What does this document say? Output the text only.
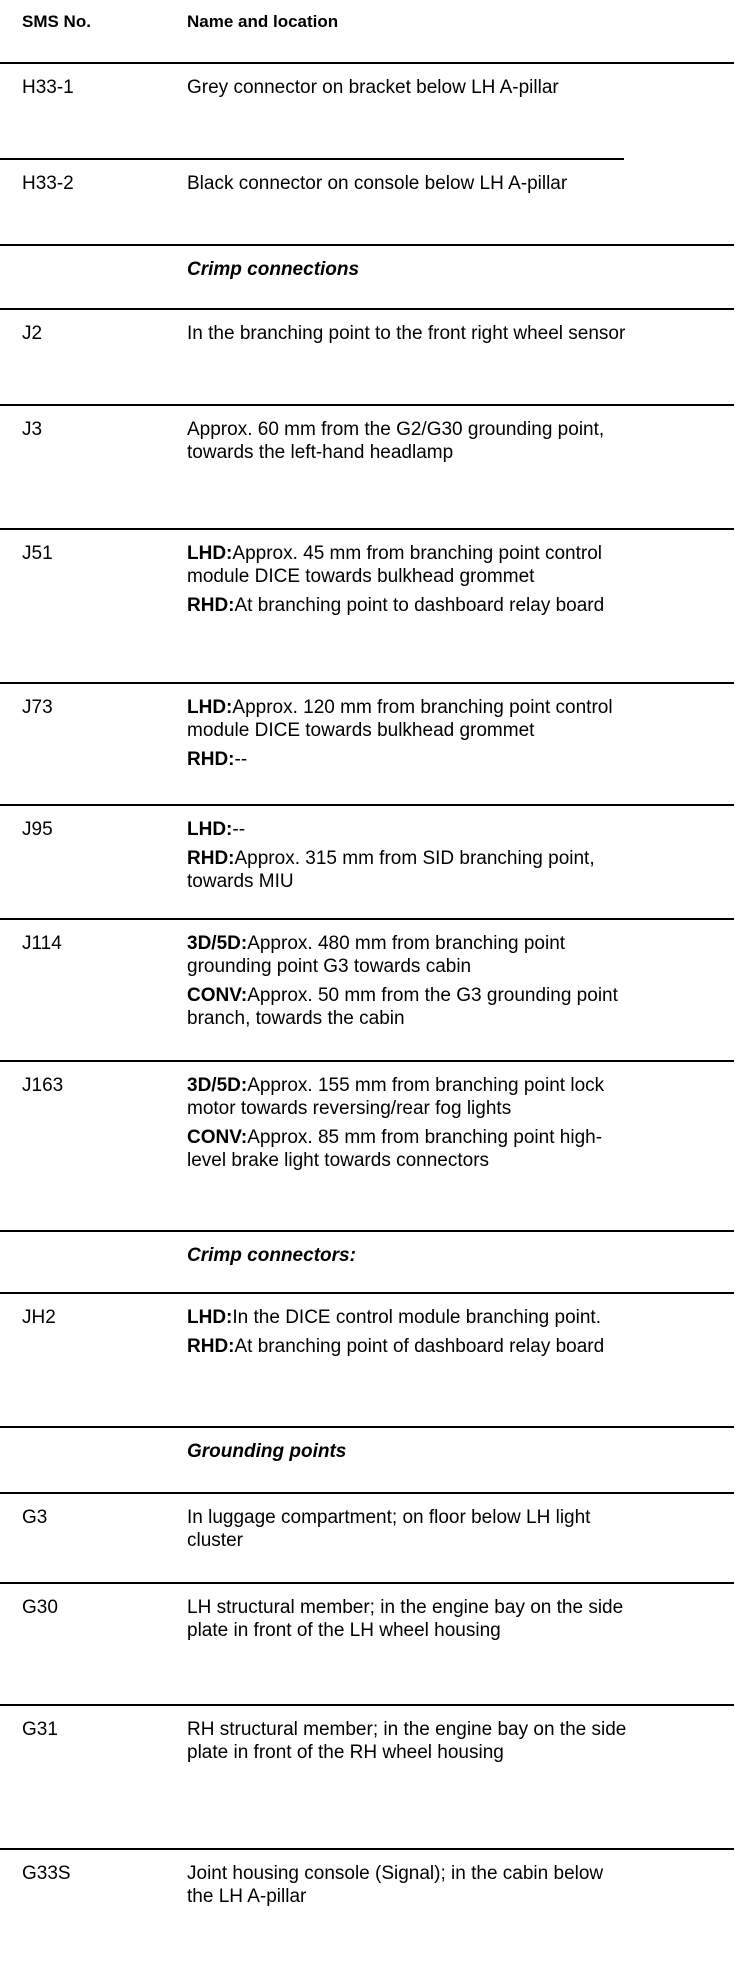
SMS No.	Name and location
H33-1	Grey connector on bracket below LH A-pillar

H33-2	Black connector on console below LH A-pillar

Crimp connections
J2	In the branching point to the front right wheel sensor

J3	Approx. 60 mm from the G2/G30 grounding point, towards the left-hand headlamp

J51	LHD:Approx. 45 mm from branching point control module DICE towards bulkhead grommet

RHD:At branching point to dashboard relay board

J73	LHD:Approx. 120 mm from branching point control module DICE towards bulkhead grommet

RHD:--

J95	LHD:--

RHD:Approx. 315 mm from SID branching point, towards MIU

J114	3D/5D:Approx. 480 mm from branching point grounding point G3 towards cabin

CONV:Approx. 50 mm from the G3 grounding point branch, towards the cabin

J163	3D/5D:Approx. 155 mm from branching point lock motor towards reversing/rear fog lights

CONV:Approx. 85 mm from branching point high-level brake light towards connectors

Crimp connectors:
JH2	LHD:In the DICE control module branching point.

RHD:At branching point of dashboard relay board

Grounding points
G3	In luggage compartment; on floor below LH light cluster

G30	LH structural member; in the engine bay on the side plate in front of the LH wheel housing

G31	RH structural member; in the engine bay on the side plate in front of the RH wheel housing

G33S	Joint housing console (Signal); in the cabin below the LH A-pillar
